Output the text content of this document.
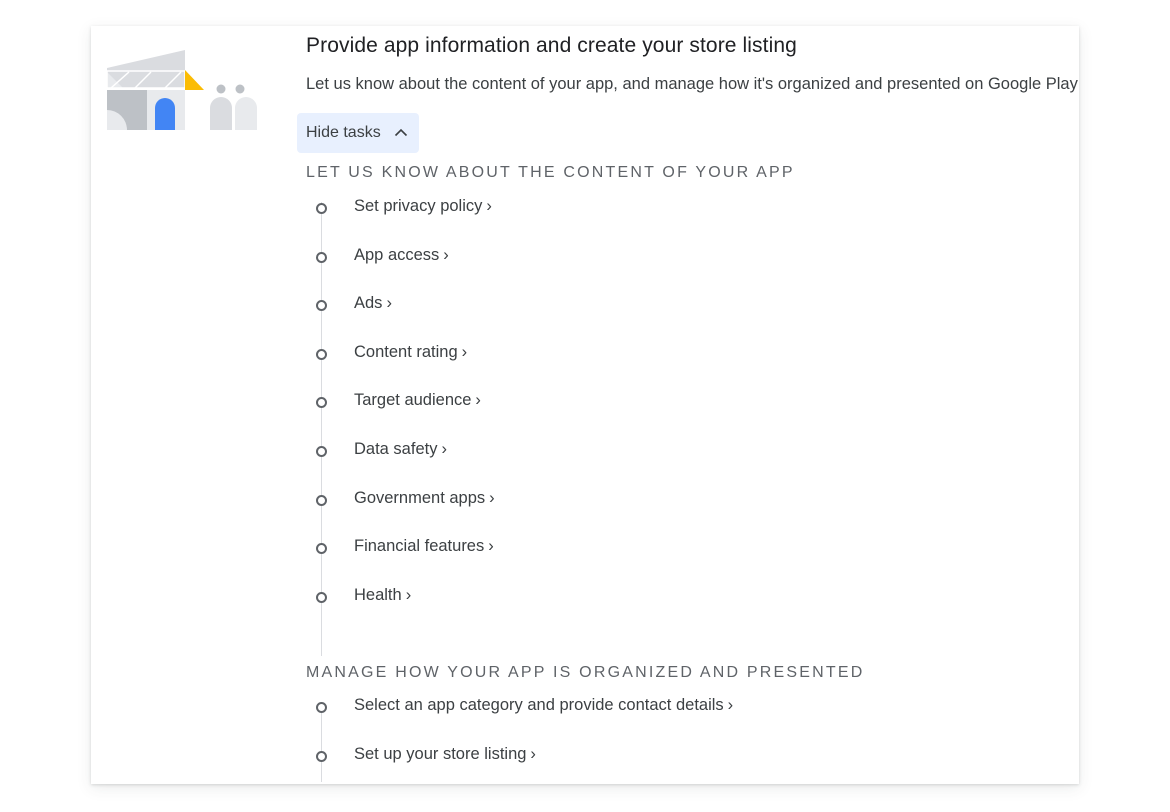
Provide app information and create your store listing
Let us know about the content of your app, and manage how it's organized and presented on Google Play
Hide tasks
LET US KNOW ABOUT THE CONTENT OF YOUR APP
Set privacy policy ›
App access ›
Ads ›
Content rating ›
Target audience ›
Data safety ›
Government apps ›
Financial features ›
Health ›
MANAGE HOW YOUR APP IS ORGANIZED AND PRESENTED
Select an app category and provide contact details ›
Set up your store listing ›
